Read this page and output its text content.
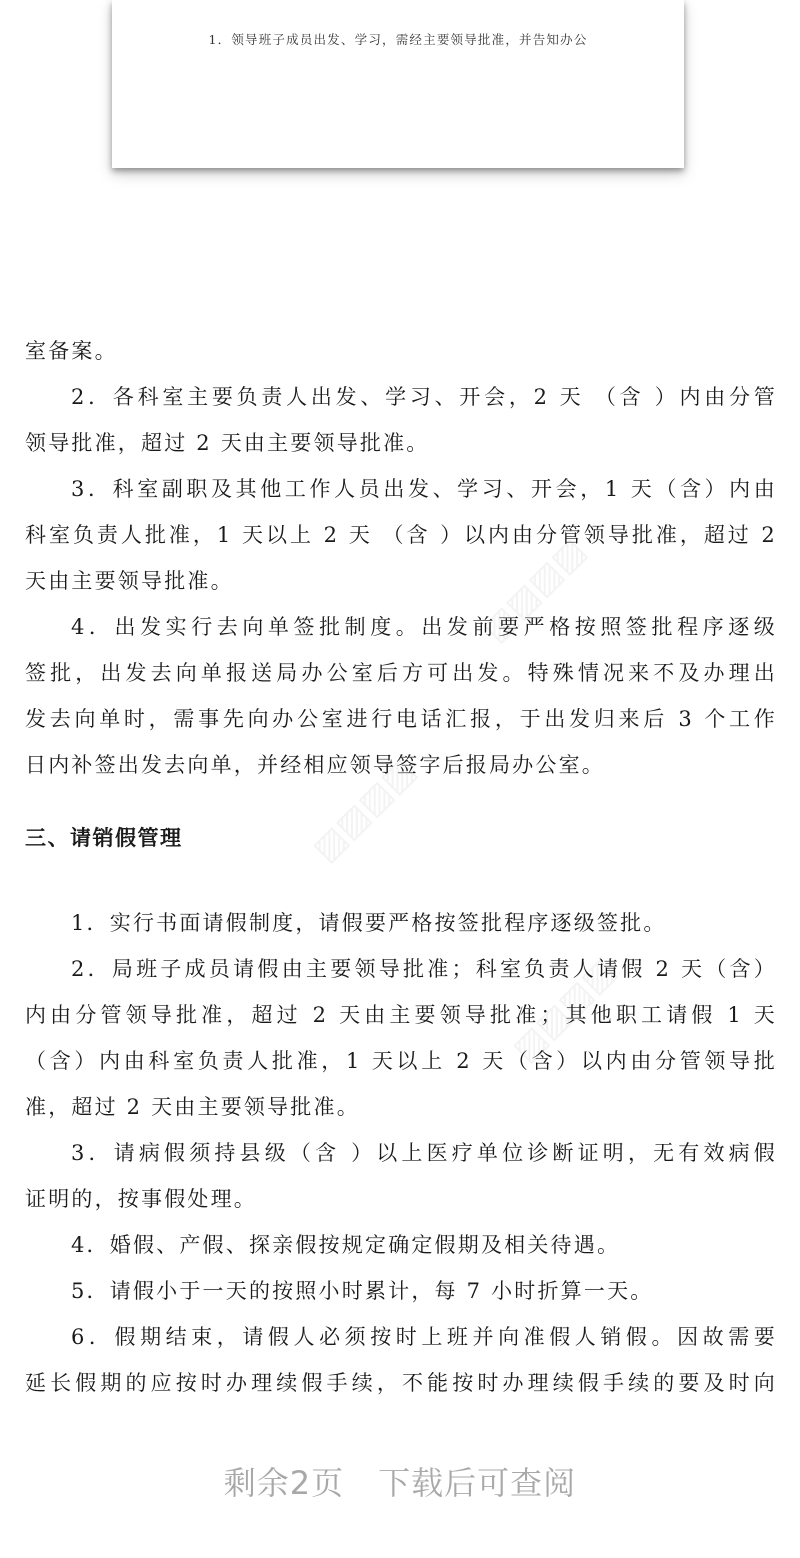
1．领导班子成员出发、学习，需经主要领导批准，并告知办公
▨▨▨▨
▨▨▨▨
▨▨▨▨
室备案。
2．各科室主要负责人出发、学习、开会，2 天 （含 ）内由分管
领导批准，超过 2 天由主要领导批准。
3．科室副职及其他工作人员出发、学习、开会，1 天（含）内由
科室负责人批准，1 天以上 2 天 （含 ）以内由分管领导批准，超过 2
天由主要领导批准。
4．出发实行去向单签批制度。出发前要严格按照签批程序逐级
签批，出发去向单报送局办公室后方可出发。特殊情况来不及办理出
发去向单时，需事先向办公室进行电话汇报，于出发归来后 3 个工作
日内补签出发去向单，并经相应领导签字后报局办公室。
三、请销假管理
1．实行书面请假制度，请假要严格按签批程序逐级签批。
2．局班子成员请假由主要领导批准；科室负责人请假 2 天（含）
内由分管领导批准，超过 2 天由主要领导批准；其他职工请假 1 天
（含）内由科室负责人批准，1 天以上 2 天（含）以内由分管领导批
准，超过 2 天由主要领导批准。
3．请病假须持县级（含 ）以上医疗单位诊断证明，无有效病假
证明的，按事假处理。
4．婚假、产假、探亲假按规定确定假期及相关待遇。
5．请假小于一天的按照小时累计，每 7 小时折算一天。
6．假期结束，请假人必须按时上班并向准假人销假。因故需要
延长假期的应按时办理续假手续，不能按时办理续假手续的要及时向
剩余2页 下载后可查阅
